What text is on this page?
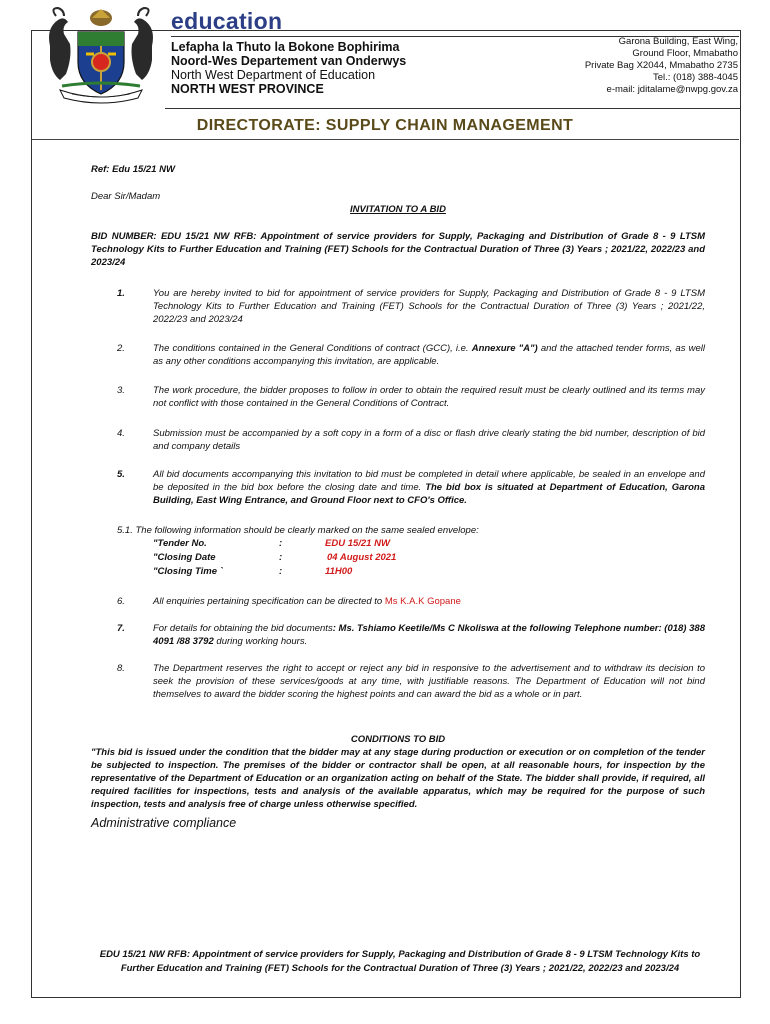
education
Lefapha la Thuto la Bokone Bophirima
Noord-Wes Departement van Onderwys
North West Department of Education
NORTH WEST PROVINCE
Garona Building, East Wing,
Ground Floor, Mmabatho
Private Bag X2044, Mmabatho 2735
Tel.: (018) 388-4045
e-mail: jditalame@nwpg.gov.za
DIRECTORATE: SUPPLY CHAIN MANAGEMENT
Ref: Edu 15/21 NW
Dear Sir/Madam
INVITATION TO A BID
BID NUMBER: EDU 15/21 NW RFB: Appointment of service providers for Supply, Packaging and Distribution of Grade 8 - 9 LTSM Technology Kits to Further Education and Training (FET) Schools for the Contractual Duration of Three (3) Years ; 2021/22, 2022/23 and 2023/24
1.	You are hereby invited to bid for appointment of service providers for Supply, Packaging and Distribution of Grade 8 - 9 LTSM Technology Kits to Further Education and Training (FET) Schools for the Contractual Duration of Three (3) Years ; 2021/22, 2022/23 and 2023/24
2.	The conditions contained in the General Conditions of contract (GCC), i.e. Annexure "A") and the attached tender forms, as well as any other conditions accompanying this invitation, are applicable.
3.	The work procedure, the bidder proposes to follow in order to obtain the required result must be clearly outlined and its terms may not conflict with those contained in the General Conditions of Contract.
4.	Submission must be accompanied by a soft copy in a form of a disc or flash drive clearly stating the bid number, description of bid and company details
5.	All bid documents accompanying this invitation to bid must be completed in detail where applicable, be sealed in an envelope and be deposited in the bid box before the closing date and time. The bid box is situated at Department of Education, Garona Building, East Wing Entrance, and Ground Floor next to CFO's Office.
5.1. The following information should be clearly marked on the same sealed envelope:
"Tender No.	:	EDU 15/21 NW
"Closing Date	:	04 August 2021
"Closing Time `	:	11H00
6.	All enquiries pertaining specification can be directed to Ms K.A.K Gopane
7.	For details for obtaining the bid documents: Ms. Tshiamo Keetile/Ms C Nkoliswa at the following Telephone number: (018) 388 4091 /88 3792 during working hours.
8.	The Department reserves the right to accept or reject any bid in responsive to the advertisement and to withdraw its decision to seek the provision of these services/goods at any time, with justifiable reasons. The Department of Education will not bind themselves to award the bidder scoring the highest points and can award the bid as a whole or in part.
CONDITIONS TO BID
"This bid is issued under the condition that the bidder may at any stage during production or execution or on completion of the tender be subjected to inspection. The premises of the bidder or contractor shall be open, at all reasonable hours, for inspection by the representative of the Department of Education or an organization acting on behalf of the State. The bidder shall provide, if required, all required facilities for inspections, tests and analysis of the available apparatus, which may be required for the purpose of such inspection, tests and analysis free of charge unless otherwise specified.
Administrative compliance
EDU 15/21 NW RFB: Appointment of service providers for Supply, Packaging and Distribution of Grade 8 - 9 LTSM Technology Kits to Further Education and Training (FET) Schools for the Contractual Duration of Three (3) Years ; 2021/22, 2022/23 and 2023/24
